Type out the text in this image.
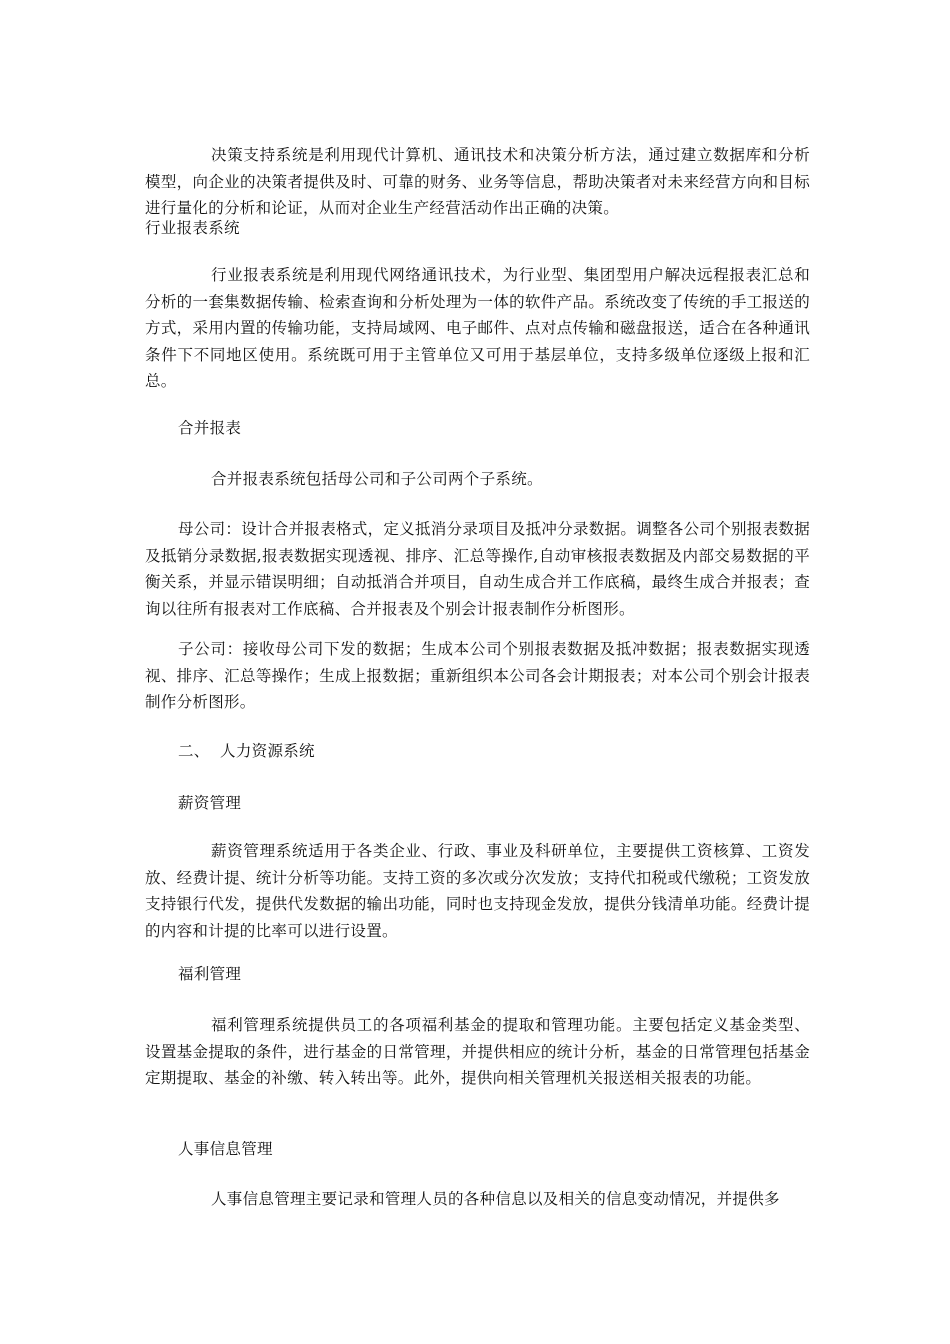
决策支持系统是利用现代计算机、通讯技术和决策分析方法，通过建立数据库和分析模型，向企业的决策者提供及时、可靠的财务、业务等信息，帮助决策者对未来经营方向和目标进行量化的分析和论证，从而对企业生产经营活动作出正确的决策。

行业报表系统

行业报表系统是利用现代网络通讯技术，为行业型、集团型用户解决远程报表汇总和分析的一套集数据传输、检索查询和分析处理为一体的软件产品。系统改变了传统的手工报送的方式，采用内置的传输功能，支持局域网、电子邮件、点对点传输和磁盘报送，适合在各种通讯条件下不同地区使用。系统既可用于主管单位又可用于基层单位，支持多级单位逐级上报和汇总。

合并报表

合并报表系统包括母公司和子公司两个子系统。

母公司：设计合并报表格式，定义抵消分录项目及抵冲分录数据。调整各公司个别报表数据及抵销分录数据,报表数据实现透视、排序、汇总等操作,自动审核报表数据及内部交易数据的平衡关系，并显示错误明细；自动抵消合并项目，自动生成合并工作底稿，最终生成合并报表；查询以往所有报表对工作底稿、合并报表及个别会计报表制作分析图形。

子公司：接收母公司下发的数据；生成本公司个别报表数据及抵冲数据；报表数据实现透视、排序、汇总等操作；生成上报数据；重新组织本公司各会计期报表；对本公司个别会计报表制作分析图形。

二、  人力资源系统
薪资管理

薪资管理系统适用于各类企业、行政、事业及科研单位，主要提供工资核算、工资发放、经费计提、统计分析等功能。支持工资的多次或分次发放；支持代扣税或代缴税；工资发放支持银行代发，提供代发数据的输出功能，同时也支持现金发放，提供分钱清单功能。经费计提的内容和计提的比率可以进行设置。

福利管理

福利管理系统提供员工的各项福利基金的提取和管理功能。主要包括定义基金类型、设置基金提取的条件，进行基金的日常管理，并提供相应的统计分析，基金的日常管理包括基金定期提取、基金的补缴、转入转出等。此外，提供向相关管理机关报送相关报表的功能。

人事信息管理

人事信息管理主要记录和管理人员的各种信息以及相关的信息变动情况，并提供多
